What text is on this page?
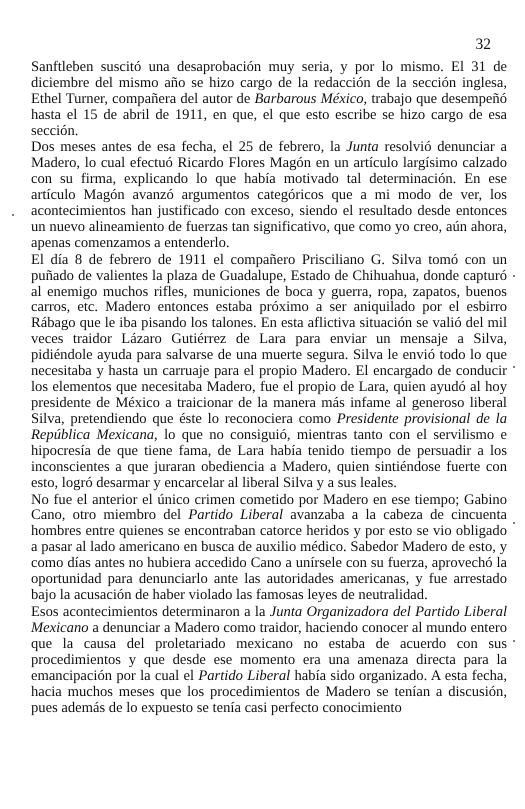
32

Sanftleben suscitó una desaprobación muy seria, y por lo mismo. El 31 de diciembre del mismo año se hizo cargo de la redacción de la sección inglesa, Ethel Turner, compañera del autor de Barbarous México, trabajo que desempeñó hasta el 15 de abril de 1911, en que, el que esto escribe se hizo cargo de esa sección.

Dos meses antes de esa fecha, el 25 de febrero, la Junta resolvió denunciar a Madero, lo cual efectuó Ricardo Flores Magón en un artículo largísimo calzado con su firma, explicando lo que había motivado tal determinación. En ese artículo Magón avanzó argumentos categóricos que a mi modo de ver, los acontecimientos han justificado con exceso, siendo el resultado desde entonces un nuevo alineamiento de fuerzas tan significativo, que como yo creo, aún ahora, apenas comenzamos a entenderlo.

El día 8 de febrero de 1911 el compañero Prisciliano G. Silva tomó con un puñado de valientes la plaza de Guadalupe, Estado de Chihuahua, donde capturó al enemigo muchos rifles, municiones de boca y guerra, ropa, zapatos, buenos carros, etc. Madero entonces estaba próximo a ser aniquilado por el esbirro Rábago que le iba pisando los talones. En esta aflictiva situación se valió del mil veces traidor Lázaro Gutiérrez de Lara para enviar un mensaje a Silva, pidiéndole ayuda para salvarse de una muerte segura. Silva le envió todo lo que necesitaba y hasta un carruaje para el propio Madero. El encargado de conducir los elementos que necesitaba Madero, fue el propio de Lara, quien ayudó al hoy presidente de México a traicionar de la manera más infame al generoso liberal Silva, pretendiendo que éste lo reconociera como Presidente provisional de la República Mexicana, lo que no consiguió, mientras tanto con el servilismo e hipocresía de que tiene fama, de Lara había tenido tiempo de persuadir a los inconscientes a que juraran obediencia a Madero, quien sintiéndose fuerte con esto, logró desarmar y encarcelar al liberal Silva y a sus leales.

No fue el anterior el único crimen cometido por Madero en ese tiempo; Gabino Cano, otro miembro del Partido Liberal avanzaba a la cabeza de cincuenta hombres entre quienes se encontraban catorce heridos y por esto se vio obligado a pasar al lado americano en busca de auxilio médico. Sabedor Madero de esto, y como días antes no hubiera accedido Cano a unírsele con su fuerza, aprovechó la oportunidad para denunciarlo ante las autoridades americanas, y fue arrestado bajo la acusación de haber violado las famosas leyes de neutralidad.

Esos acontecimientos determinaron a la Junta Organizadora del Partido Liberal Mexicano a denunciar a Madero como traidor, haciendo conocer al mundo entero que la causa del proletariado mexicano no estaba de acuerdo con sus procedimientos y que desde ese momento era una amenaza directa para la emancipación por la cual el Partido Liberal había sido organizado. A esta fecha, hacia muchos meses que los procedimientos de Madero se tenían a discusión, pues además de lo expuesto se tenía casi perfecto conocimiento
